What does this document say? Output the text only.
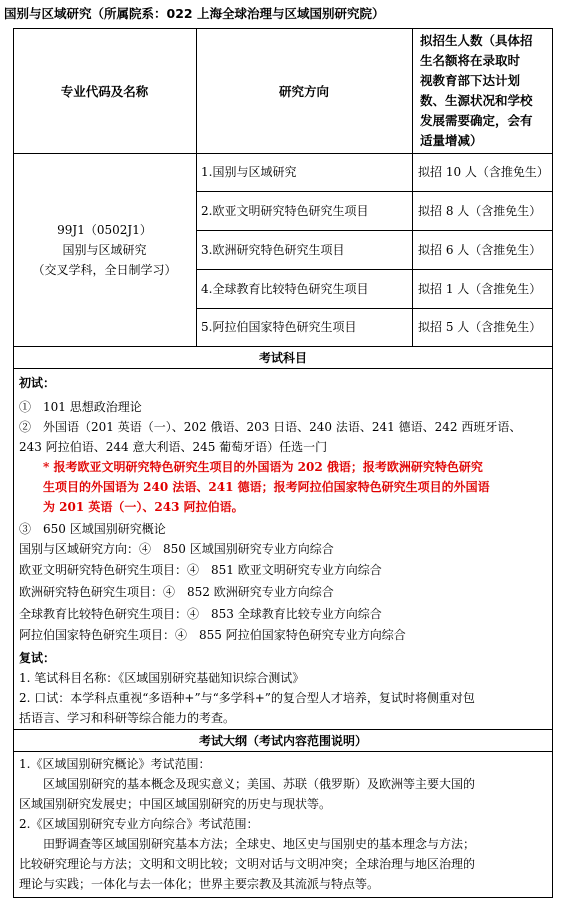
国别与区域研究（所属院系：022 上海全球治理与区域国别研究院）
专业代码及名称	研究方向
拟招生人数（具体招
生名额将在录取时
视教育部下达计划
数、生源状况和学校
发展需要确定，会有
适量增减）
99J1（0502J1）
国别与区域研究
（交叉学科，全日制学习）
1.国别与区域研究	拟招 10 人（含推免生）
2.欧亚文明研究特色研究生项目	拟招 8 人（含推免生）
3.欧洲研究特色研究生项目	拟招 6 人（含推免生）
4.全球教育比较特色研究生项目	拟招 1 人（含推免生）
5.阿拉伯国家特色研究生项目	拟招 5 人（含推免生）
考试科目
初试：
①　101 思想政治理论
②　外国语（201 英语（一）、202 俄语、203 日语、240 法语、241 德语、242 西班牙语、
243 阿拉伯语、244 意大利语、245 葡萄牙语）任选一门
* 报考欧亚文明研究特色研究生项目的外国语为 202 俄语；报考欧洲研究特色研究
生项目的外国语为 240 法语、241 德语；报考阿拉伯国家特色研究生项目的外国语
为 201 英语（一）、243 阿拉伯语。
③　650 区域国别研究概论
国别与区域研究方向：④　850 区域国别研究专业方向综合
欧亚文明研究特色研究生项目：④　851 欧亚文明研究专业方向综合
欧洲研究特色研究生项目：④　852 欧洲研究专业方向综合
全球教育比较特色研究生项目：④　853 全球教育比较专业方向综合
阿拉伯国家特色研究生项目：④　855 阿拉伯国家特色研究专业方向综合
复试：
1. 笔试科目名称：《区域国别研究基础知识综合测试》
2. 口试：本学科点重视“多语种+”与“多学科+”的复合型人才培养，复试时将侧重对包
括语言、学习和科研等综合能力的考查。
考试大纲（考试内容范围说明）
1.《区域国别研究概论》考试范围：
　　区域国别研究的基本概念及现实意义；美国、苏联（俄罗斯）及欧洲等主要大国的
区域国别研究发展史；中国区域国别研究的历史与现状等。
2.《区域国别研究专业方向综合》考试范围：
　　田野调查等区域国别研究基本方法；全球史、地区史与国别史的基本理念与方法；
比较研究理论与方法；文明和文明比较；文明对话与文明冲突；全球治理与地区治理的
理论与实践；一体化与去一体化；世界主要宗教及其流派与特点等。
